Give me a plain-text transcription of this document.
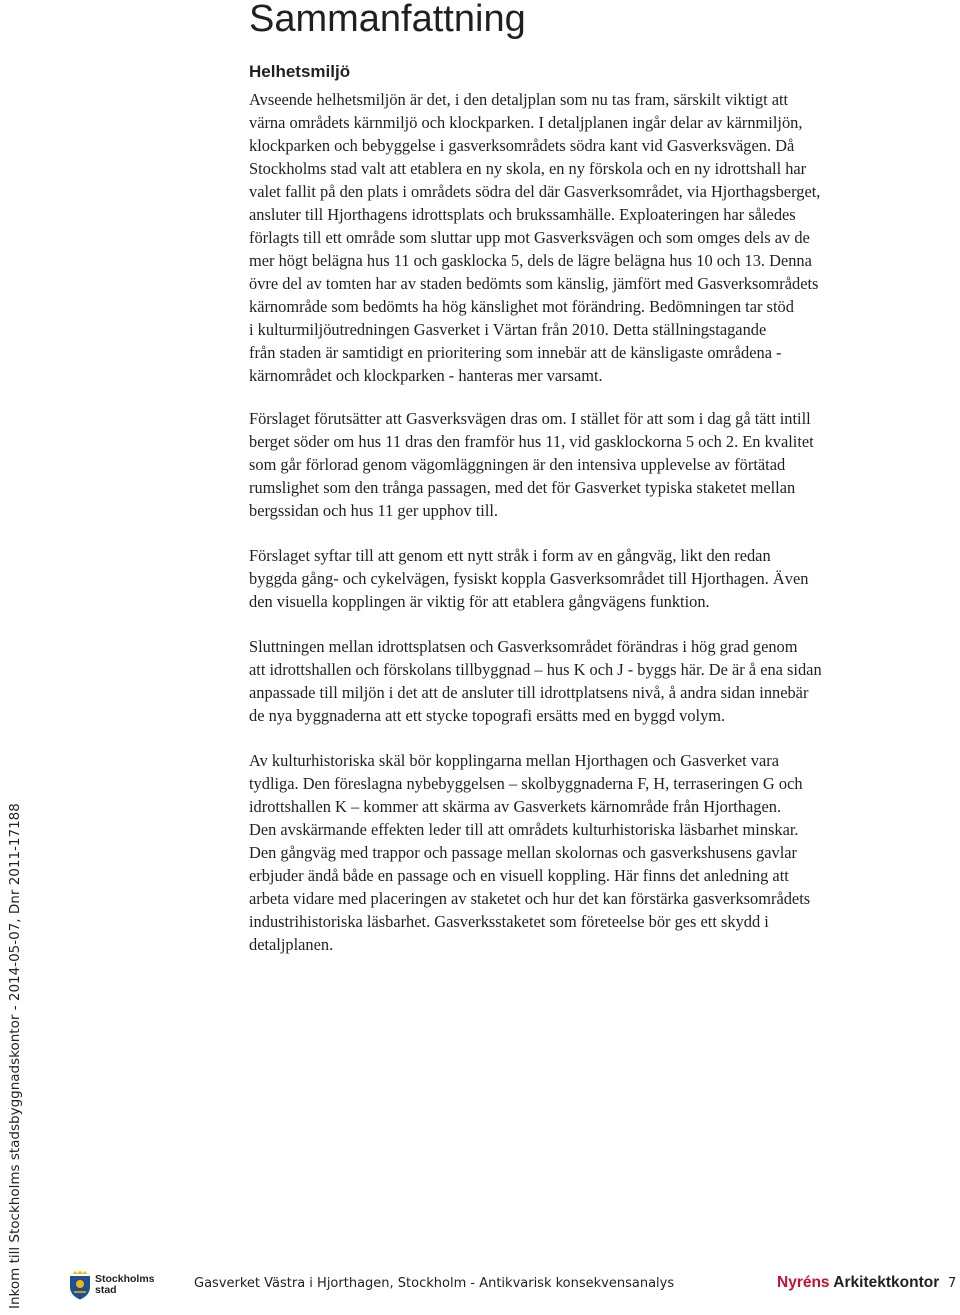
Sammanfattning
Helhetsmiljö

Avseende helhetsmiljön är det, i den detaljplan som nu tas fram, särskilt viktigt att
värna områdets kärnmiljö och klockparken. I detaljplanen ingår delar av kärnmiljön,
klockparken och bebyggelse i gasverksområdets södra kant vid Gasverksvägen. Då
Stockholms stad valt att etablera en ny skola, en ny förskola och en ny idrottshall har
valet fallit på den plats i områdets södra del där Gasverksområdet, via Hjorthagsberget,
ansluter till Hjorthagens idrottsplats och brukssamhälle. Exploateringen har således
förlagts till ett område som sluttar upp mot Gasverksvägen och som omges dels av de
mer högt belägna hus 11 och gasklocka 5, dels de lägre belägna hus 10 och 13. Denna
övre del av tomten har av staden bedömts som känslig, jämfört med Gasverksområdets
kärnområde som bedömts ha hög känslighet mot förändring. Bedömningen tar stöd
i kulturmiljöutredningen Gasverket i Värtan från 2010. Detta ställningstagande
från staden är samtidigt en prioritering som innebär att de känsligaste områdena -
kärnområdet och klockparken - hanteras mer varsamt.

Förslaget förutsätter att Gasverksvägen dras om. I stället för att som i dag gå tätt intill
berget söder om hus 11 dras den framför hus 11, vid gasklockorna 5 och 2. En kvalitet
som går förlorad genom vägomläggningen är den intensiva upplevelse av förtätad
rumslighet som den trånga passagen, med det för Gasverket typiska staketet mellan
bergssidan och hus 11 ger upphov till.

Förslaget syftar till att genom ett nytt stråk i form av en gångväg, likt den redan
byggda gång- och cykelvägen, fysiskt koppla Gasverksområdet till Hjorthagen. Även
den visuella kopplingen är viktig för att etablera gångvägens funktion.

Sluttningen mellan idrottsplatsen och Gasverksområdet förändras i hög grad genom
att idrottshallen och förskolans tillbyggnad – hus K och J - byggs här. De är å ena sidan
anpassade till miljön i det att de ansluter till idrottplatsens nivå, å andra sidan innebär
de nya byggnaderna att ett stycke topografi ersätts med en byggd volym.

Av kulturhistoriska skäl bör kopplingarna mellan Hjorthagen och Gasverket vara
tydliga. Den föreslagna nybebyggelsen – skolbyggnaderna F, H, terraseringen G och
idrottshallen K – kommer att skärma av Gasverkets kärnområde från Hjorthagen.
Den avskärmande effekten leder till att områdets kulturhistoriska läsbarhet minskar.
Den gångväg med trappor och passage mellan skolornas och gasverkshusens gavlar
erbjuder ändå både en passage och en visuell koppling. Här finns det anledning att
arbeta vidare med placeringen av staketet och hur det kan förstärka gasverksområdets
industrihistoriska läsbarhet. Gasverksstaketet som företeelse bör ges ett skydd i
detaljplanen.

Inkom till Stockholms stadsbyggnadskontor - 2014-05-07, Dnr 2011-17188	Stockholms
stad	Gasverket Västra i Hjorthagen, Stockholm - Antikvarisk konsekvensanalys	Nyréns Arkitektkontor 7
